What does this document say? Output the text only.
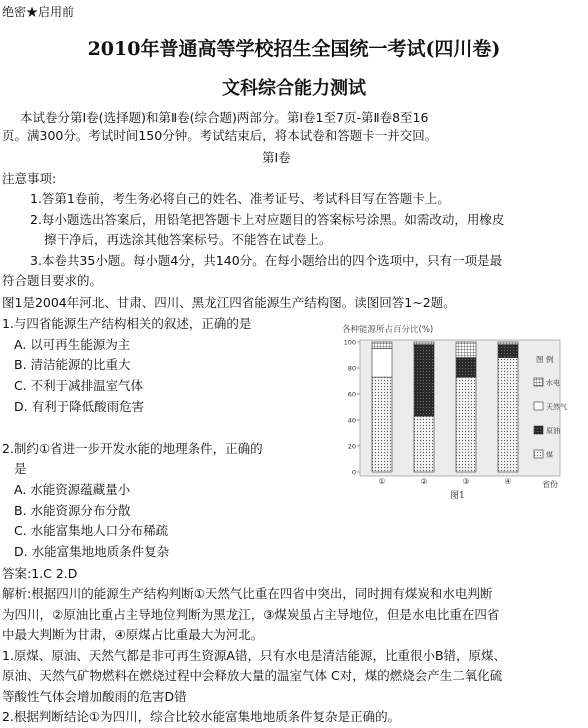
绝密★启用前
2010年普通高等学校招生全国统一考试(四川卷)
文科综合能力测试
本试卷分第Ⅰ卷(选择题)和第Ⅱ卷(综合题)两部分。第Ⅰ卷1至7页-第Ⅱ卷8至16
页。满300分。考试时间150分钟。考试结束后，将本试卷和答题卡一并交回。
第Ⅰ卷
注意事项:
1.答第1卷前，考生务必将自己的姓名、准考证号、考试科目写在答题卡上。
2.每小题选出答案后，用铅笔把答题卡上对应题目的答案标号涂黑。如需改动，用橡皮
擦干净后，再选涂其他答案标号。不能答在试卷上。
3.本卷共35小题。每小题4分，共140分。在每小题给出的四个选项中，只有一项是最
符合题目要求的。
图1是2004年河北、甘肃、四川、黑龙江四省能源生产结构图。读图回答1~2题。
1.与四省能源生产结构相关的叙述，正确的是
A. 以可再生能源为主
B. 清洁能源的比重大
C. 不利于减排温室气体
D. 有利于降低酸雨危害
2.制约①省进一步开发水能的地理条件，正确的
是
A. 水能资源蕴藏量小
B. 水能资源分布分散
C. 水能富集地人口分布稀疏
D. 水能富集地地质条件复杂
答案:1.C 2.D
解析:根据四川的能源生产结构判断①天然气比重在四省中突出，同时拥有煤炭和水电判断
为四川，②原油比重占主导地位判断为黑龙江，③煤炭虽占主导地位，但是水电比重在四省
中最大判断为甘肃，④原煤占比重最大为河北。
1.原煤、原油、天然气都是非可再生资源A错，只有水电是清洁能源，比重很小B错，原煤、
原油、天然气矿物燃料在燃烧过程中会释放大量的温室气体 C对，煤的燃烧会产生二氧化硫
等酸性气体会增加酸雨的危害D错
2.根据判断结论①为四川，综合比较水能富集地地质条件复杂是正确的。
各种能源所占百分比(%)
0
20
40
60
80
100
①	②	③	④	省份
图1
图 例
水电
天然气
原油
煤
